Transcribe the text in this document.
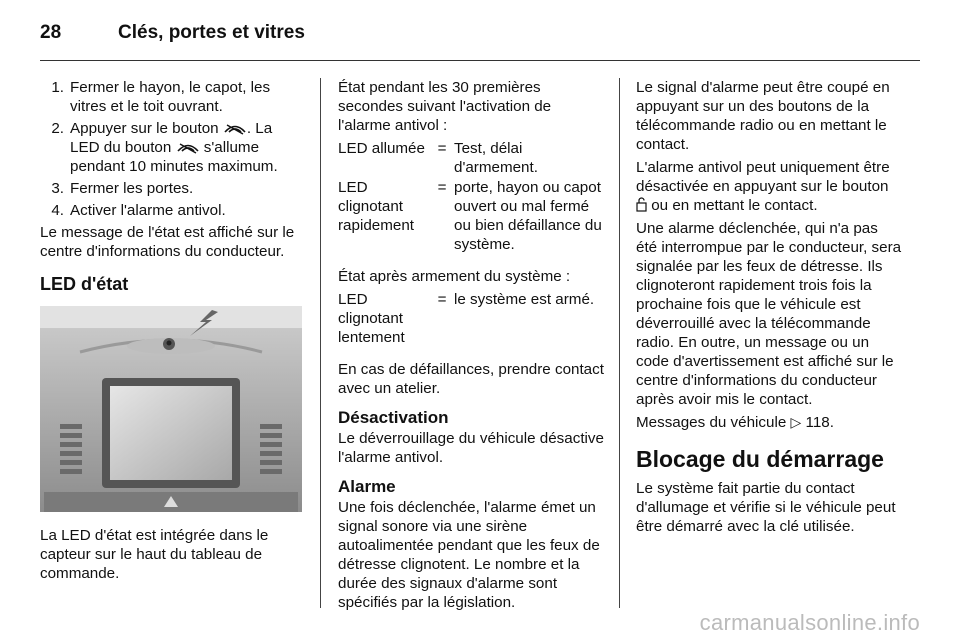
28	Clés, portes et vitres
1. Fermer le hayon, le capot, les vitres et le toit ouvrant.
2. Appuyer sur le bouton . La LED du bouton  s'allume pendant 10 minutes maximum.
3. Fermer les portes.
4. Activer l'alarme antivol.

Le message de l'état est affiché sur le centre d'informations du conducteur.

LED d'état

La LED d'état est intégrée dans le capteur sur le haut du tableau de commande.

État pendant les 30 premières secondes suivant l'activation de l'alarme antivol :

LED allumée	=	Test, délai d'armement.
LED clignotant rapidement	=	porte, hayon ou capot ouvert ou mal fermé ou bien défaillance du système.

État après armement du système :

LED clignotant lentement	=	le système est armé.

En cas de défaillances, prendre contact avec un atelier.

Désactivation

Le déverrouillage du véhicule désactive l'alarme antivol.

Alarme

Une fois déclenchée, l'alarme émet un signal sonore via une sirène autoalimentée pendant que les feux de détresse clignotent. Le nombre et la durée des signaux d'alarme sont spécifiés par la législation.

Le signal d'alarme peut être coupé en appuyant sur un des boutons de la télécommande radio ou en mettant le contact.

L'alarme antivol peut uniquement être désactivée en appuyant sur le bouton  ou en mettant le contact.

Une alarme déclenchée, qui n'a pas été interrompue par le conducteur, sera signalée par les feux de détresse. Ils clignoteront rapidement trois fois la prochaine fois que le véhicule est déverrouillé avec la télécommande radio. En outre, un message ou un code d'avertissement est affiché sur le centre d'informations du conducteur après avoir mis le contact.

Messages du véhicule ▷ 118.

Blocage du démarrage

Le système fait partie du contact d'allumage et vérifie si le véhicule peut être démarré avec la clé utilisée.

carmanualsonline.info
